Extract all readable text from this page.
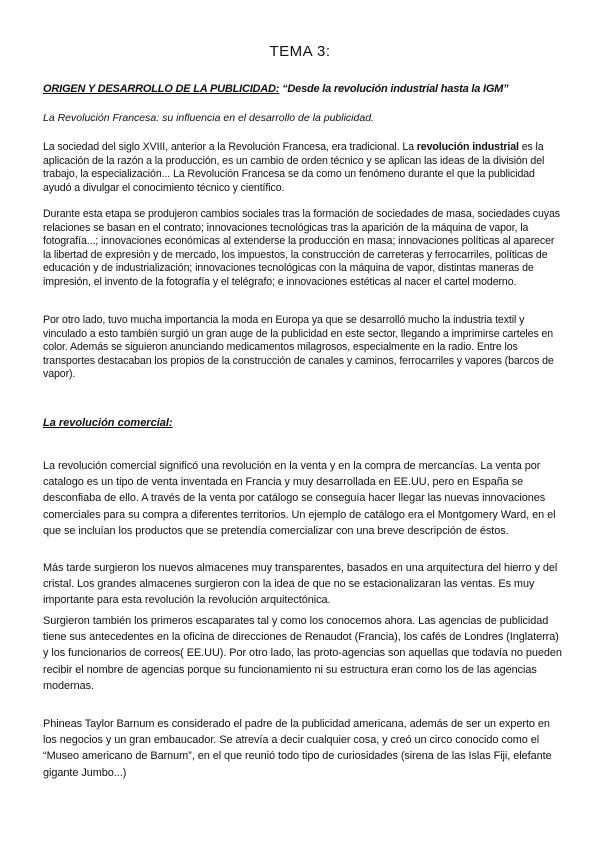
TEMA 3:
ORIGEN Y DESARROLLO DE LA PUBLICIDAD: “Desde la revolución industrial hasta la IGM”
La Revolución Francesa: su influencia en el desarrollo de la publicidad.

La sociedad del siglo XVIII, anterior a la Revolución Francesa, era tradicional. La revolución industrial es la aplicación de la razón a la producción, es un cambio de orden técnico y se aplican las ideas de la división del trabajo, la especialización... La Revolución Francesa se da como un fenómeno durante el que la publicidad ayudó a divulgar el conocimiento técnico y científico.

Durante esta etapa se produjeron cambios sociales tras la formación de sociedades de masa, sociedades cuyas relaciones se basan en el contrato; innovaciones tecnológicas tras la aparición de la máquina de vapor, la fotografía...; innovaciones económicas al extenderse la producción en masa; innovaciones políticas al aparecer la libertad de expresión y de mercado, los impuestos, la construcción de carreteras y ferrocarriles, políticas de educación y de industrialización; innovaciones tecnológicas con la máquina de vapor, distintas maneras de impresión, el invento de la fotografía y el telégrafo; e innovaciones estéticas al nacer el cartel moderno.

Por otro lado, tuvo mucha importancia la moda en Europa ya que se desarrolló mucho la industria textil y vinculado a esto también surgió un gran auge de la publicidad en este sector, llegando a imprimirse carteles en color. Además se siguieron anunciando medicamentos milagrosos, especialmente en la radio. Entre los transportes destacaban los propios de la construcción de canales y caminos, ferrocarriles y vapores (barcos de vapor).

La revolución comercial:

La revolución comercial significó una revolución en la venta y en la compra de mercancías. La venta por catalogo es un tipo de venta inventada en Francia y muy desarrollada en EE.UU, pero en España se desconfiaba de ello. A través de la venta por catálogo se conseguía hacer llegar las nuevas innovaciones comerciales para su compra a diferentes territorios. Un ejemplo de catálogo era el Montgomery Ward, en el que se incluían los productos que se pretendía comercializar con una breve descripción de éstos.

Más tarde surgieron los nuevos almacenes muy transparentes, basados en una arquitectura del hierro y del cristal. Los grandes almacenes surgieron con la idea de que no se estacionalizaran las ventas. Es muy importante para esta revolución la revolución arquitectónica.

Surgieron también los primeros escaparates tal y como los conocemos ahora. Las agencias de publicidad tiene sus antecedentes en la oficina de direcciones de Renaudot (Francia), los cafés de Londres (Inglaterra) y los funcionarios de correos( EE.UU). Por otro lado, las proto-agencias son aquellas que todavía no pueden recibir el nombre de agencias porque su funcionamiento ni su estructura eran como los de las agencias modernas.

Phineas Taylor Barnum es considerado el padre de la publicidad americana, además de ser un experto en los negocios y un gran embaucador. Se atrevía a decir cualquier cosa, y creó un circo conocido como el “Museo americano de Barnum”, en el que reunió todo tipo de curiosidades (sirena de las Islas Fiji, elefante gigante Jumbo...)
